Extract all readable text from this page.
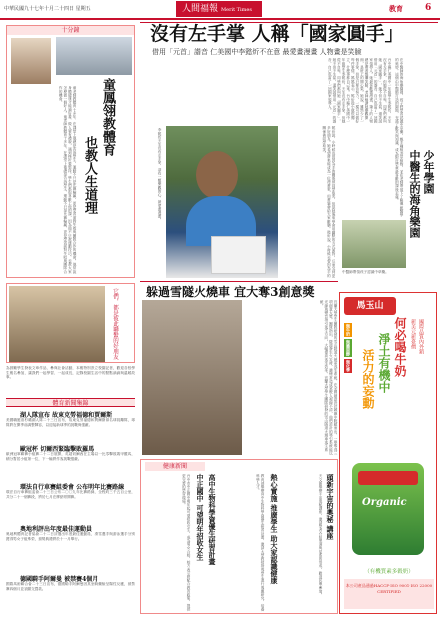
中華民國九十七年十月二十四日 星期五	人間福報 Merit Times	教育 6
十分鐘
童鳳翎教體育
也教人生道理
童老師教體育十多年，在課堂上他總是告訴學生，運動不只是比賽輸贏，更是學習面對失敗與團隊合作的機會。他常說身體健康才能讀好書，做人要有禮貌，遇到挫折要堅持。學生們都很喜歡上他的課，因為他不只教運動技巧，也教大家怎麼做一個好人。童老師教體育十多年，在課堂上他總是告訴學生，運動不只是比賽輸贏，更是學習面對失敗與團隊合作的機會。
它們，都是彼此聯繫的好朋友
為鼓勵學生發表文章作品、參與社會活動，本報特別設立校園記者，歡迎各校學生報名參加，讓我們一起學習、一起成長，記錄校園生活中的點點滴滴與溫暖故事。
體育新聞集錦
湖人隊宣布 故東克勞福德和賈爾斯
美國職籃洛杉磯湖人隊二十三日宣布，故東克勞福德和賈爾斯兩名球員離隊，球隊將在開季前調整陣容，以迎接新球季的挑戰與強敵。
歐冠杯 切爾西緊臨擊敗羅馬
歐洲冠軍聯賽小組賽二十二日展開，英超切爾西在主場以一比零擊敗義甲羅馬，積分暫居小組第一位，下一輪將作客挑戰強敵。
環法自行車賽組委會 公布明年比賽路線
環法自行車賽組委會二十三日公布二〇〇九年比賽路線，全程約三千五百公里，共分二十一個賽段，將於七月在摩納哥開賽。
奧地利評出年度最佳運動員
奧地利體育記者協會二十二日評選出年度最佳運動員，滑雪選手與游泳選手分別獲得男女子組殊榮，頒獎典禮將於十一月舉行。
德國騎手阿爾曼 被禁賽4個月
國際馬術聯合會二十三日宣布，德國騎手阿爾曼因其坐騎藥檢呈陽性反應，被禁賽四個月並須繳交罰款。
沒有左手掌 人稱「國家圓手」
借用「元首」諧音 仁美國中李懿炘不在意 最愛畫漫畫 人物畫是笑臉
台中縣仁美國中一年級學生李懿炘，天生沒有左手掌，但她從不自卑，同學們都叫她「國家圓手」，她不但不生氣，還笑說借用「元首」的諧音，自己也當了一回國家領導人。她最喜歡畫漫畫，筆下的人物總是帶著燦爛笑臉，老師稱讚她樂觀開朗，是班上的開心果。她說，雖然少了一個手掌，但是只要肯努力，一樣可以做好每件事情。媽媽表示，懿炘從小就很獨立，什麼事都自己來。台中縣仁美國中一年級學生李懿炘，天生沒有左手掌，但她從不自卑，同學們都叫她「國家圓手」，她不但不生氣，還笑說借用「元首」的諧音，自己也當了一回國家領導人。
李懿炘天生沒有左手掌，卻有一顆樂觀的心，最愛畫漫畫。	懿炘說，小時候也曾因為手的關係被同學取笑，但是她後來學會用幽默的方式面對，反而交到更多好朋友。她希望將來能成為一位漫畫家，用畫筆帶給大家歡樂。懿炘說，小時候也曾因為手的關係被同學取笑。	在中醫師的海角樂園裡，孩子們學習認識中草藥，親手種植香草植物，並在老師帶領下了解傳統醫學的奧妙。這個由中醫師打造的園地，充滿了歡笑與知識，成為附近學童最喜歡的課後去處。	少年學園
中醫生的海角樂園
中醫師帶領孩子認識中草藥。
躲過雪隧火燒車 宜大奪3創意獎
宜蘭大學學生團隊研發的雪山隧道火燒車逃生系統，在全國創意設計競賽中脫穎而出，一舉奪得三項創意大獎。團隊指出，隧道發生火災時，濃煙常造成駕駛人視線不清，他們設計的導引系統能以光線與聲音指引逃生方向，大幅提高逃生效率。宜蘭大學學生團隊研發的雪山隧道火燒車逃生系統。
健康新聞
中正國中 可望明年招收女生
台中市中正國中明年起可望招收女生，成為男女合校，校方表示將配合教育政策，提供更完善的學習環境。	高中生物科學資優生研習計畫	熱心實施 推廣學生 助大家認識健康
教育部舉辦高中生物科學資優生研習計畫，邀請大學教授指導學生進行專題研究，培養科學人才。	頭新宇宙的奧秘 講座
天文館舉辦宇宙奧秘講座，邀請學者介紹黑洞與星系的形成，歡迎民眾參加。
馬玉山
國際品質內外銷
新美元新臺價
何必喝牛奶
淨土有機中
活力的妄動
無牛奶
無膽固醇
無化學
Organic
（有機質素多穀奶）
本公司產品通過HACCP·ISO 9001·ISO 22000 CERTIFIED
